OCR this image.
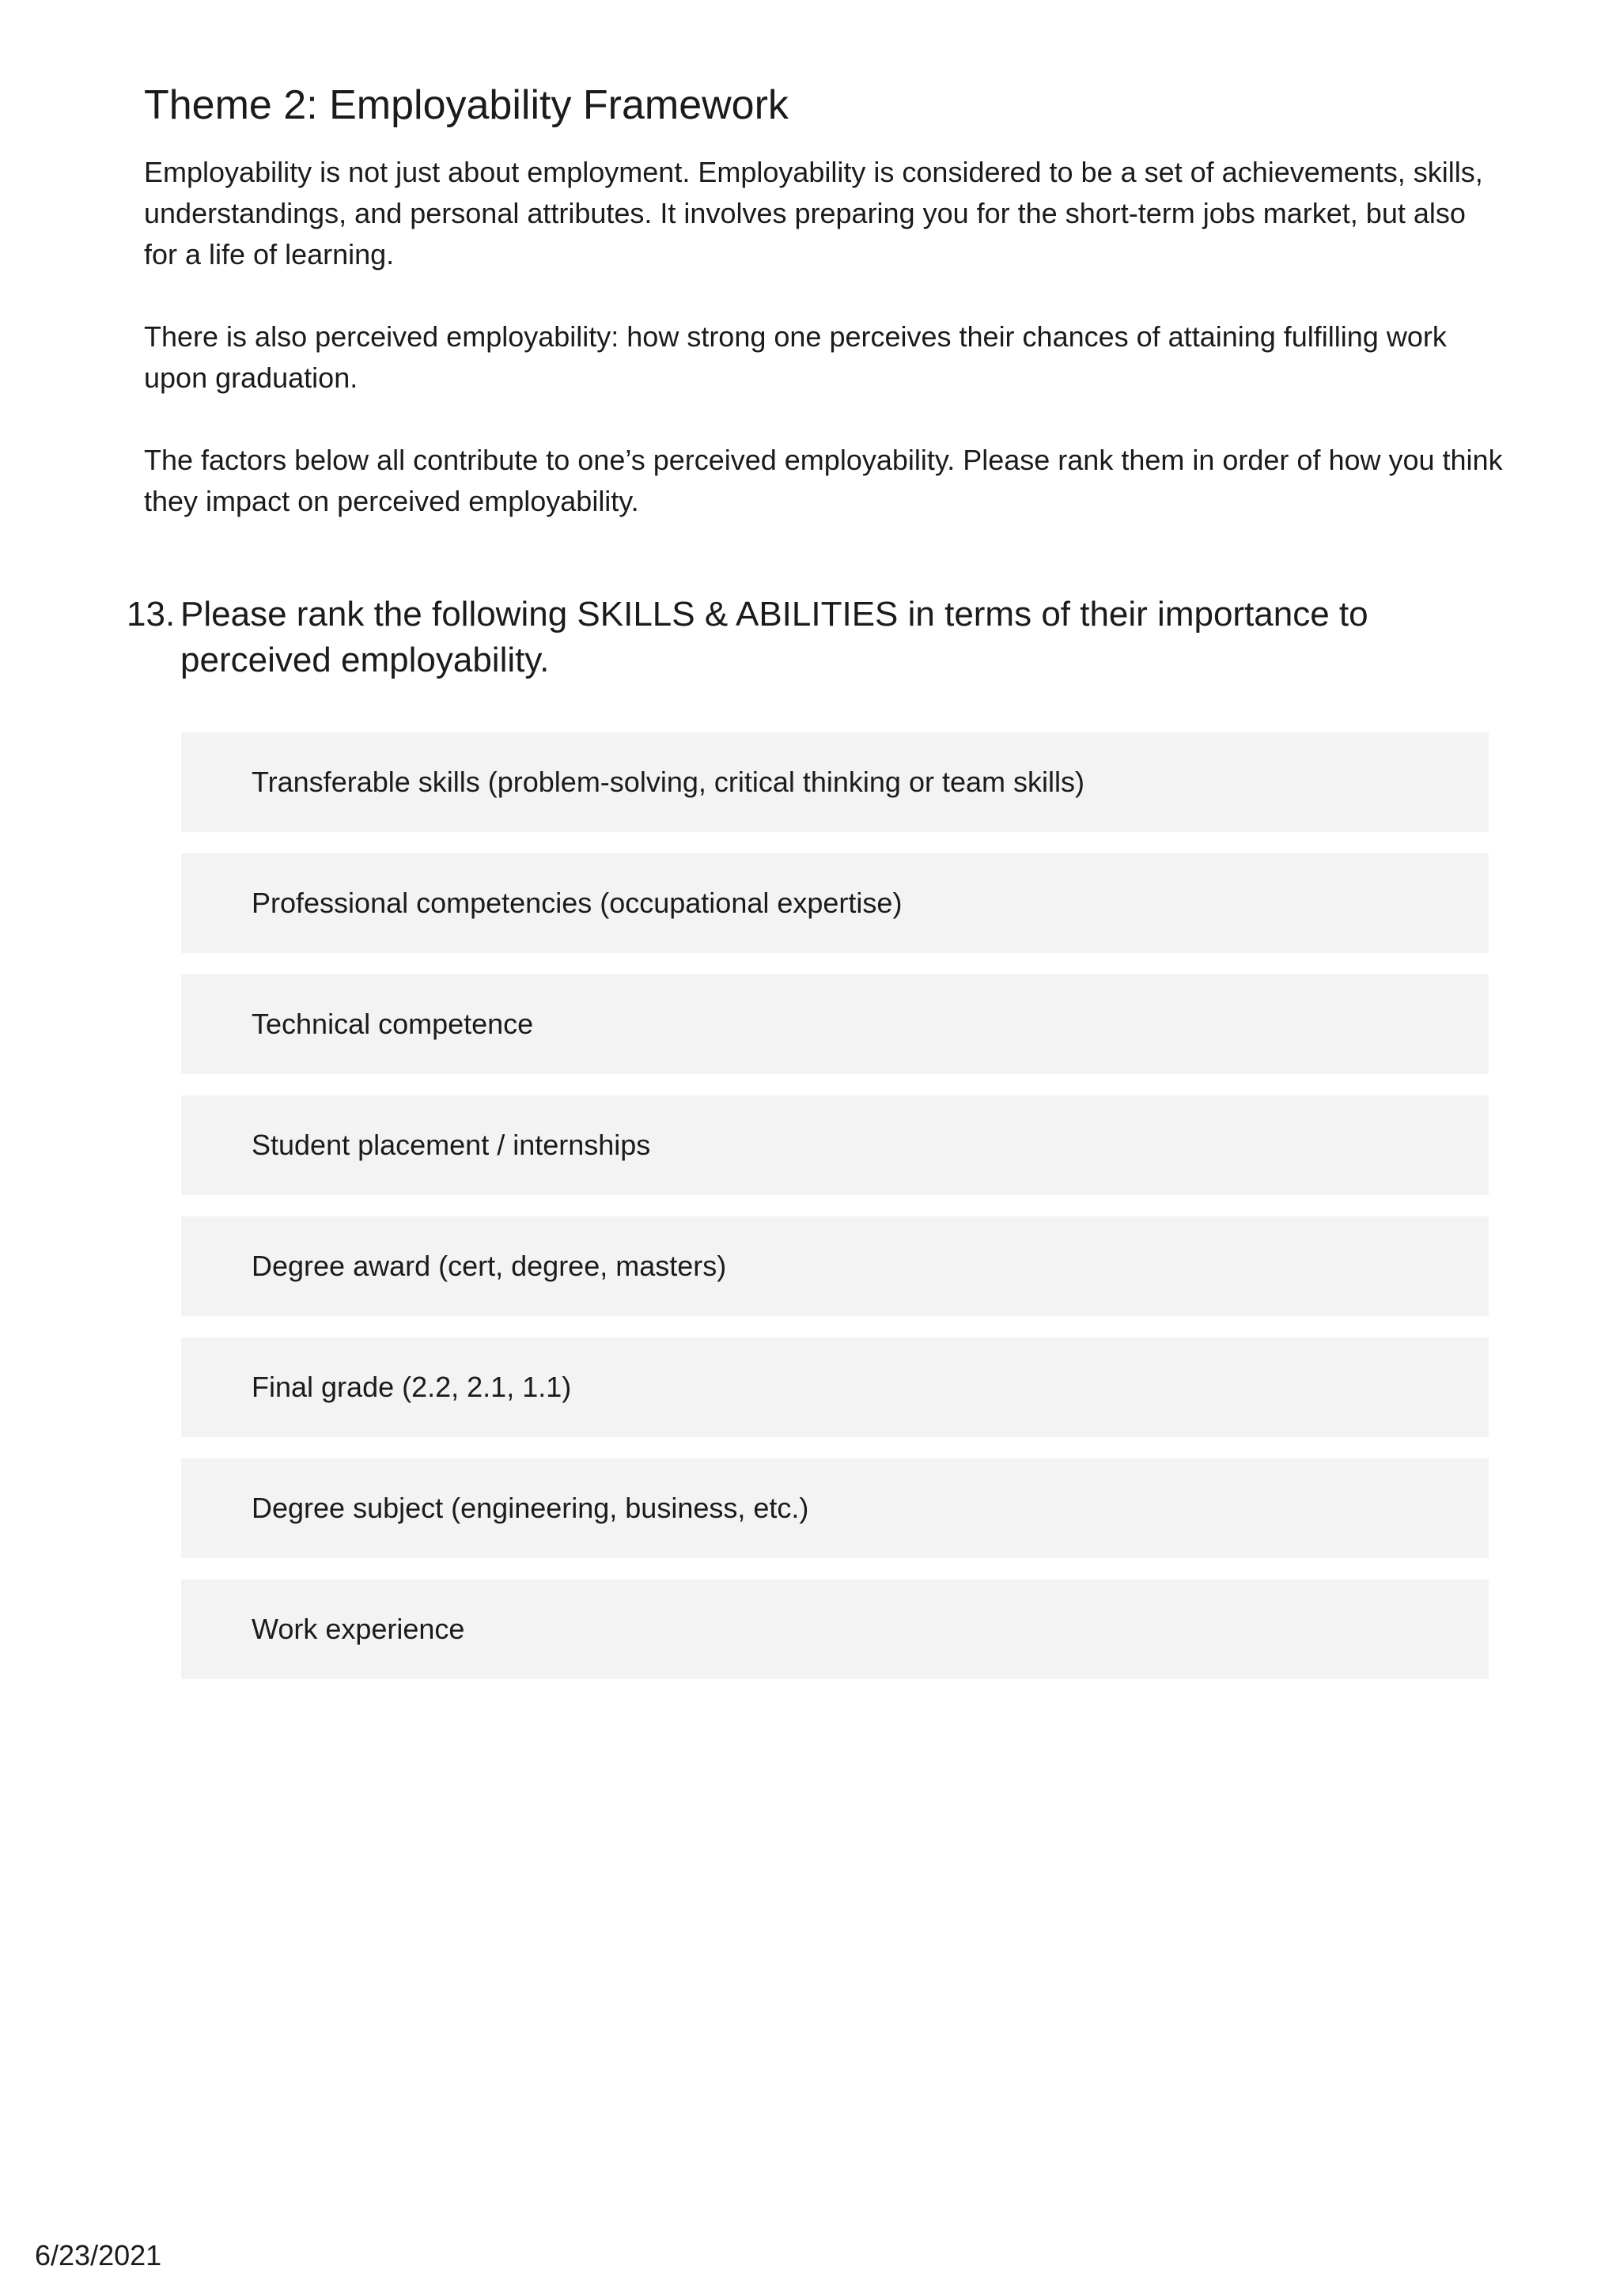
Theme 2: Employability Framework

Employability is not just about employment. Employability is considered to be a set of achievements, skills, understandings, and personal attributes. It involves preparing you for the short-term jobs market, but also for a life of learning.

There is also perceived employability: how strong one perceives their chances of attaining fulfilling work upon graduation.

The factors below all contribute to one’s perceived employability. Please rank them in order of how you think they impact on perceived employability.

13. Please rank the following SKILLS & ABILITIES in terms of their importance to perceived employability.
Transferable skills (problem-solving, critical thinking or team skills)
Professional competencies (occupational expertise)
Technical competence
Student placement / internships
Degree award (cert, degree, masters)
Final grade (2.2, 2.1, 1.1)
Degree subject (engineering, business, etc.)
Work experience
6/23/2021
